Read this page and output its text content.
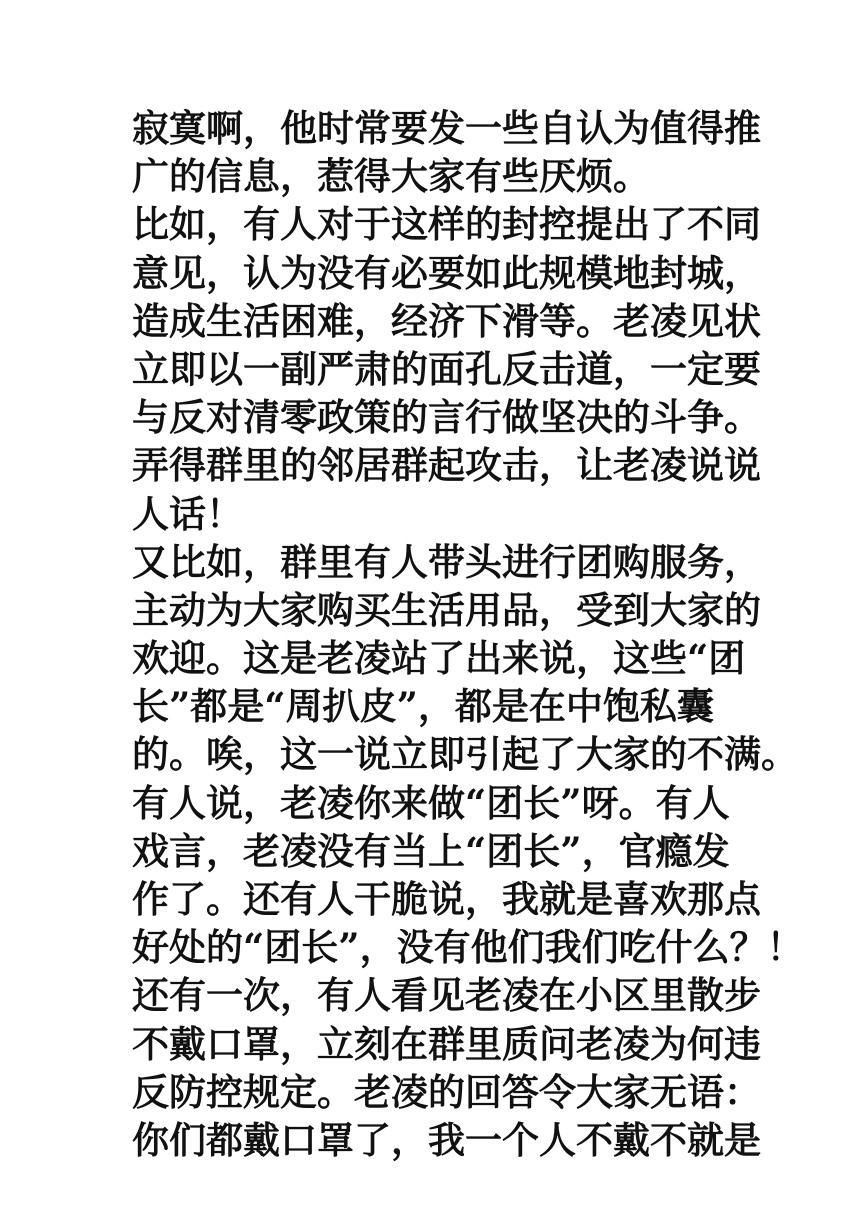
寂寞啊，他时常要发一些自认为值得推
广的信息，惹得大家有些厌烦。
比如，有人对于这样的封控提出了不同
意见，认为没有必要如此规模地封城，
造成生活困难，经济下滑等。老凌见状
立即以一副严肃的面孔反击道，一定要
与反对清零政策的言行做坚决的斗争。
弄得群里的邻居群起攻击，让老凌说说
人话！
又比如，群里有人带头进行团购服务，
主动为大家购买生活用品，受到大家的
欢迎。这是老凌站了出来说，这些“团
长”都是“周扒皮”，都是在中饱私囊
的。唉，这一说立即引起了大家的不满。
有人说，老凌你来做“团长”呀。有人
戏言，老凌没有当上“团长”，官瘾发
作了。还有人干脆说，我就是喜欢那点
好处的“团长”，没有他们我们吃什么？！
还有一次，有人看见老凌在小区里散步
不戴口罩，立刻在群里质问老凌为何违
反防控规定。老凌的回答令大家无语：
你们都戴口罩了，我一个人不戴不就是
